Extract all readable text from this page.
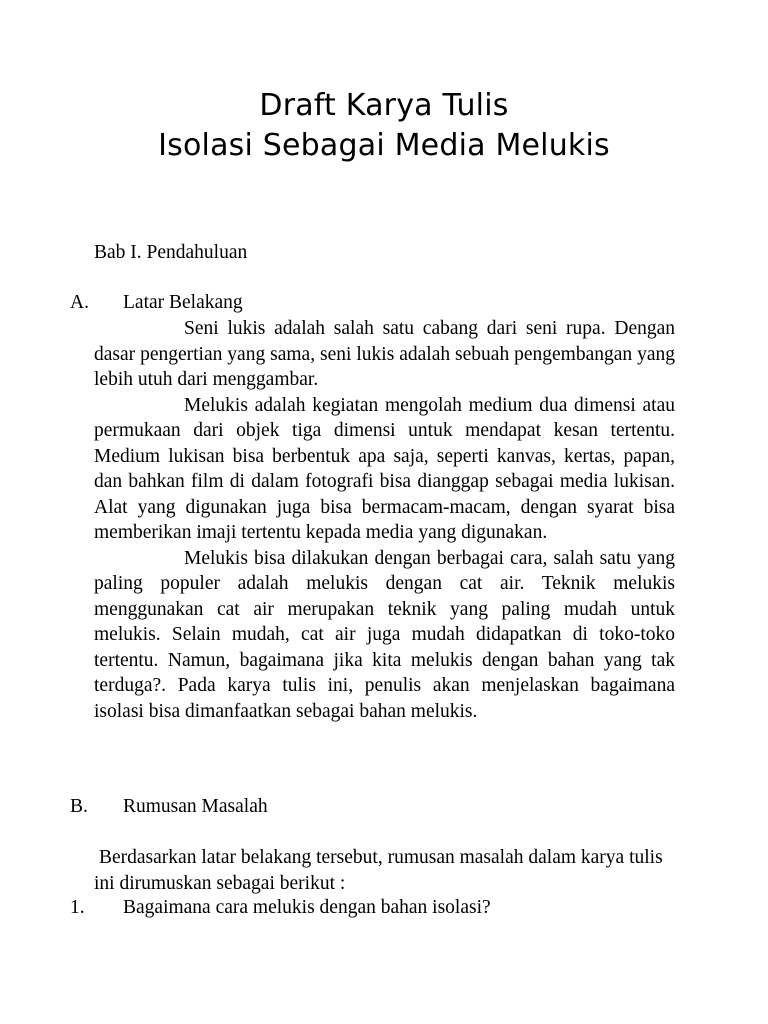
Draft Karya Tulis
Isolasi Sebagai Media Melukis
Bab I. Pendahuluan
A. Latar Belakang

Seni lukis adalah salah satu cabang dari seni rupa. Dengan dasar pengertian yang sama, seni lukis adalah sebuah pengembangan yang lebih utuh dari menggambar.

Melukis adalah kegiatan mengolah medium dua dimensi atau permukaan dari objek tiga dimensi untuk mendapat kesan tertentu. Medium lukisan bisa berbentuk apa saja, seperti kanvas, kertas, papan, dan bahkan film di dalam fotografi bisa dianggap sebagai media lukisan. Alat yang digunakan juga bisa bermacam-macam, dengan syarat bisa memberikan imaji tertentu kepada media yang digunakan.

Melukis bisa dilakukan dengan berbagai cara, salah satu yang paling populer adalah melukis dengan cat air. Teknik melukis menggunakan cat air merupakan teknik yang paling mudah untuk melukis. Selain mudah, cat air juga mudah didapatkan di toko-toko tertentu. Namun, bagaimana jika kita melukis dengan bahan yang tak terduga?. Pada karya tulis ini, penulis akan menjelaskan bagaimana isolasi bisa dimanfaatkan sebagai bahan melukis.

B. Rumusan Masalah
Berdasarkan latar belakang tersebut, rumusan masalah dalam karya tulis ini dirumuskan sebagai berikut :
1. Bagaimana cara melukis dengan bahan isolasi?
